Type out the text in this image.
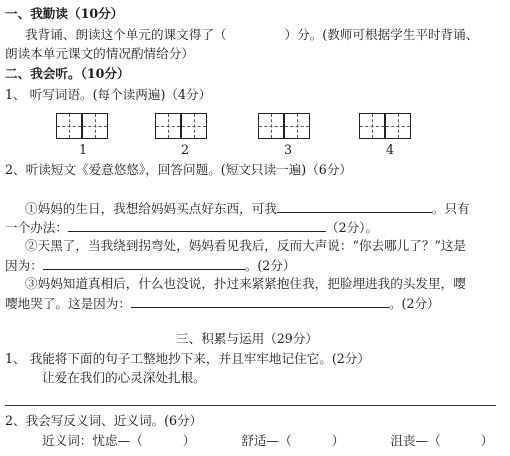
一、我勤读（10分）
我背诵、朗读这个单元的课文得了（	）分。(教师可根据学生平时背诵、
朗读本单元课文的情况酌情给分）
二、我会听。（10分）
1、 听写词语。(每个读两遍)（4分）
1	2	3	4
2、听读短文《爱意悠悠》，回答问题。(短文只读一遍)（6分）
①妈妈的生日，我想给妈妈买点好东西，可我	。只有
一个办法：	（2分）。
②天黑了，当我绕到拐弯处，妈妈看见我后，反而大声说：“你去哪儿了？”这是
因为：	。(2分）
③妈妈知道真相后，什么也没说，扑过来紧紧抱住我，把脸埋进我的头发里，嘤
嘤地哭了。这是因为：	。(2分）
三、积累与运用（29分）
1、 我能将下面的句子工整地抄下来，并且牢牢地记住它。(2分）
让爱在我们的心灵深处扎根。
2、我会写反义词、近义词。(6分）
近义词：忧虑—（	）	舒适—（	）	沮丧—（	）
